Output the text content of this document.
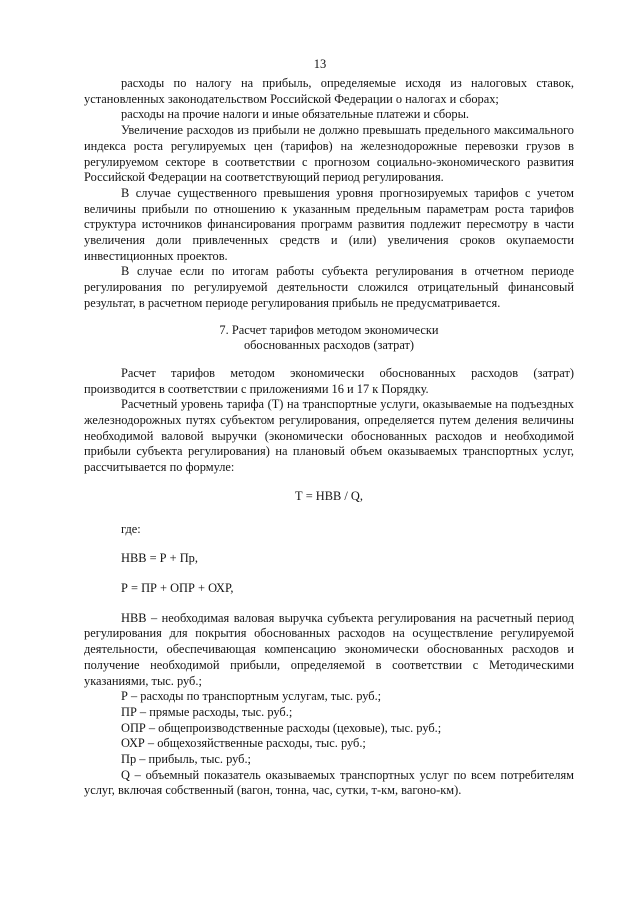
13

расходы по налогу на прибыль, определяемые исходя из налоговых ставок, установленных законодательством Российской Федерации о налогах и сборах;

расходы на прочие налоги и иные обязательные платежи и сборы.

Увеличение расходов из прибыли не должно превышать предельного максимального индекса роста регулируемых цен (тарифов) на железнодорожные перевозки грузов в регулируемом секторе в соответствии с прогнозом социально-экономического развития Российской Федерации на соответствующий период регулирования.

В случае существенного превышения уровня прогнозируемых тарифов с учетом величины прибыли по отношению к указанным предельным параметрам роста тарифов структура источников финансирования программ развития подлежит пересмотру в части увеличения доли привлеченных средств и (или) увеличения сроков окупаемости инвестиционных проектов.

В случае если по итогам работы субъекта регулирования в отчетном периоде регулирования по регулируемой деятельности сложился отрицательный финансовый результат, в расчетном периоде регулирования прибыль не предусматривается.

7. Расчет тарифов методом экономически
обоснованных расходов (затрат)

Расчет тарифов методом экономически обоснованных расходов (затрат) производится в соответствии с приложениями 16 и 17 к Порядку.

Расчетный уровень тарифа (Т) на транспортные услуги, оказываемые на подъездных железнодорожных путях субъектом регулирования, определяется путем деления величины необходимой валовой выручки (экономически обоснованных расходов и необходимой прибыли субъекта регулирования) на плановый объем оказываемых транспортных услуг, рассчитывается по формуле:

Т = НВВ / Q,

где:

НВВ = Р + Пр,

Р = ПР + ОПР + ОХР,

НВВ – необходимая валовая выручка субъекта регулирования на расчетный период регулирования для покрытия обоснованных расходов на осуществление регулируемой деятельности, обеспечивающая компенсацию экономически обоснованных расходов и получение необходимой прибыли, определяемой в соответствии с Методическими указаниями, тыс. руб.;

Р – расходы по транспортным услугам, тыс. руб.;

ПР – прямые расходы, тыс. руб.;

ОПР – общепроизводственные расходы (цеховые), тыс. руб.;

ОХР – общехозяйственные расходы, тыс. руб.;

Пр – прибыль, тыс. руб.;

Q – объемный показатель оказываемых транспортных услуг по всем потребителям услуг, включая собственный (вагон, тонна, час, сутки, т-км, вагоно-км).
